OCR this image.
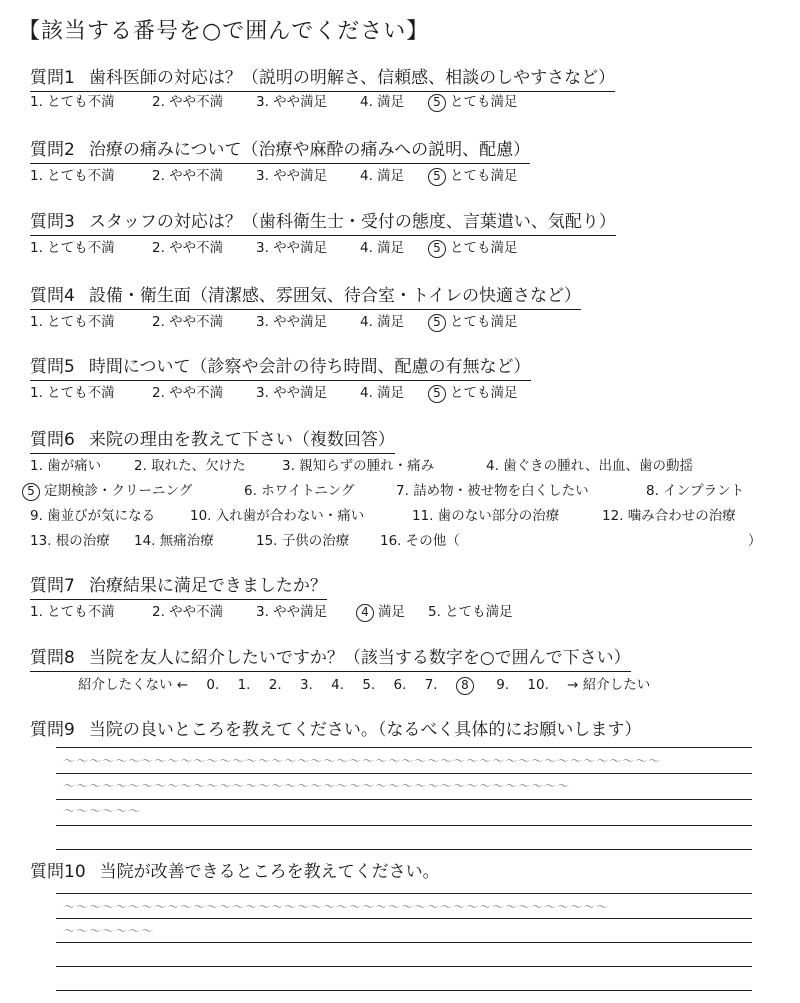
【該当する番号を○で囲んでください】
質問1 歯科医師の対応は？（説明の明解さ、信頼感、相談のしやすさなど）
1. とても不満	2. やや不満 3. やや満足 4. 満足	5 とても満足
質問2 治療の痛みについて（治療や麻酔の痛みへの説明、配慮）
1. とても不満	2. やや不満 3. やや満足 4. 満足	5 とても満足
質問3 スタッフの対応は？（歯科衛生士・受付の態度、言葉遣い、気配り）
1. とても不満	2. やや不満 3. やや満足 4. 満足	5 とても満足
質問4 設備・衛生面（清潔感、雰囲気、待合室・トイレの快適さなど）
1. とても不満	2. やや不満 3. やや満足 4. 満足	5 とても満足
質問5 時間について（診察や会計の待ち時間、配慮の有無など）
1. とても不満	2. やや不満 3. やや満足 4. 満足	5 とても満足
質問6 来院の理由を教えて下さい（複数回答）
1. 歯が痛い 2. 取れた、欠けた	3. 親知らずの腫れ・痛み	4. 歯ぐきの腫れ、出血、歯の動揺
5 定期検診・クリーニング	6. ホワイトニング	7. 詰め物・被せ物を白くしたい	8. インプラント
9. 歯並びが気になる	10. 入れ歯が合わない・痛い	11. 歯のない部分の治療	12. 噛み合わせの治療
13. 根の治療 14. 無痛治療	15. 子供の治療 16. その他（	）
質問7 治療結果に満足できましたか？
1. とても不満	2. やや不満 3. やや満足	4 満足 5. とても満足
質問8 当院を友人に紹介したいですか？（該当する数字を○で囲んで下さい）
紹介したくない ← 0. 1. 2. 3. 4. 5. 6. 7. 8 9. 10. → 紹介したい
質問9 当院の良いところを教えてください。（なるべく具体的にお願いします）
〜〜〜〜〜〜〜〜〜〜〜〜〜〜〜〜〜〜〜〜〜〜〜〜〜〜〜〜〜〜〜〜〜〜〜〜〜〜〜〜〜〜〜〜〜〜
〜〜〜〜〜〜〜〜〜〜〜〜〜〜〜〜〜〜〜〜〜〜〜〜〜〜〜〜〜〜〜〜〜〜〜〜〜〜〜
〜〜〜〜〜〜
質問10 当院が改善できるところを教えてください。
〜〜〜〜〜〜〜〜〜〜〜〜〜〜〜〜〜〜〜〜〜〜〜〜〜〜〜〜〜〜〜〜〜〜〜〜〜〜〜〜〜〜
〜〜〜〜〜〜〜
